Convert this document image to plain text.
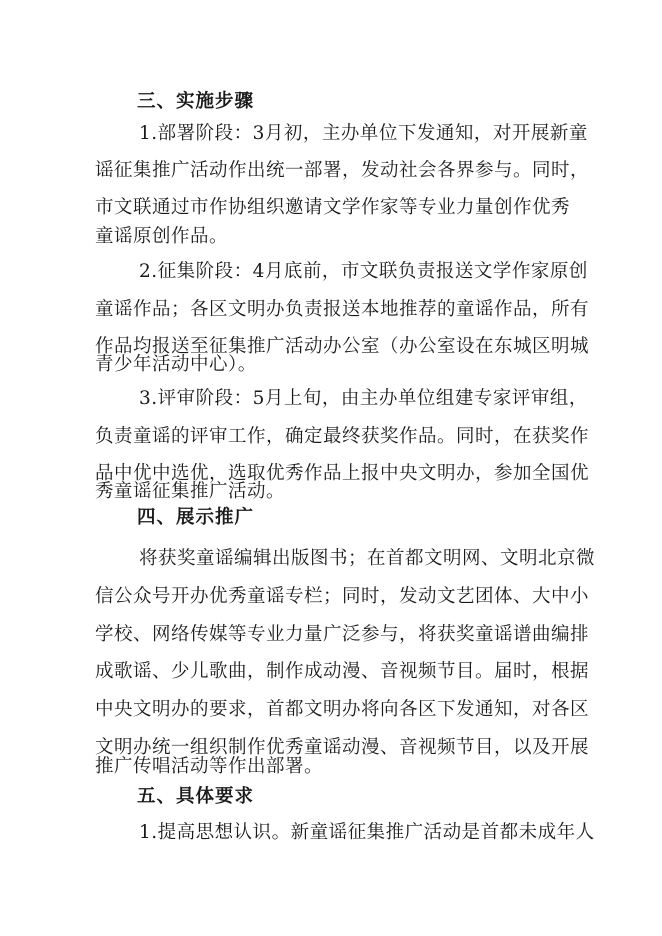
三、实施步骤
1.部署阶段：3月初，主办单位下发通知，对开展新童
谣征集推广活动作出统一部署，发动社会各界参与。同时，
市文联通过市作协组织邀请文学作家等专业力量创作优秀
童谣原创作品。
2.征集阶段：4月底前，市文联负责报送文学作家原创
童谣作品；各区文明办负责报送本地推荐的童谣作品，所有
作品均报送至征集推广活动办公室（办公室设在东城区明城
青少年活动中心）。
3.评审阶段：5月上旬，由主办单位组建专家评审组，
负责童谣的评审工作，确定最终获奖作品。同时，在获奖作
品中优中选优，选取优秀作品上报中央文明办，参加全国优
秀童谣征集推广活动。
四、展示推广
将获奖童谣编辑出版图书；在首都文明网、文明北京微
信公众号开办优秀童谣专栏；同时，发动文艺团体、大中小
学校、网络传媒等专业力量广泛参与，将获奖童谣谱曲编排
成歌谣、少儿歌曲，制作成动漫、音视频节目。届时，根据
中央文明办的要求，首都文明办将向各区下发通知，对各区
文明办统一组织制作优秀童谣动漫、音视频节目，以及开展
推广传唱活动等作出部署。
五、具体要求
1.提高思想认识。新童谣征集推广活动是首都未成年人
